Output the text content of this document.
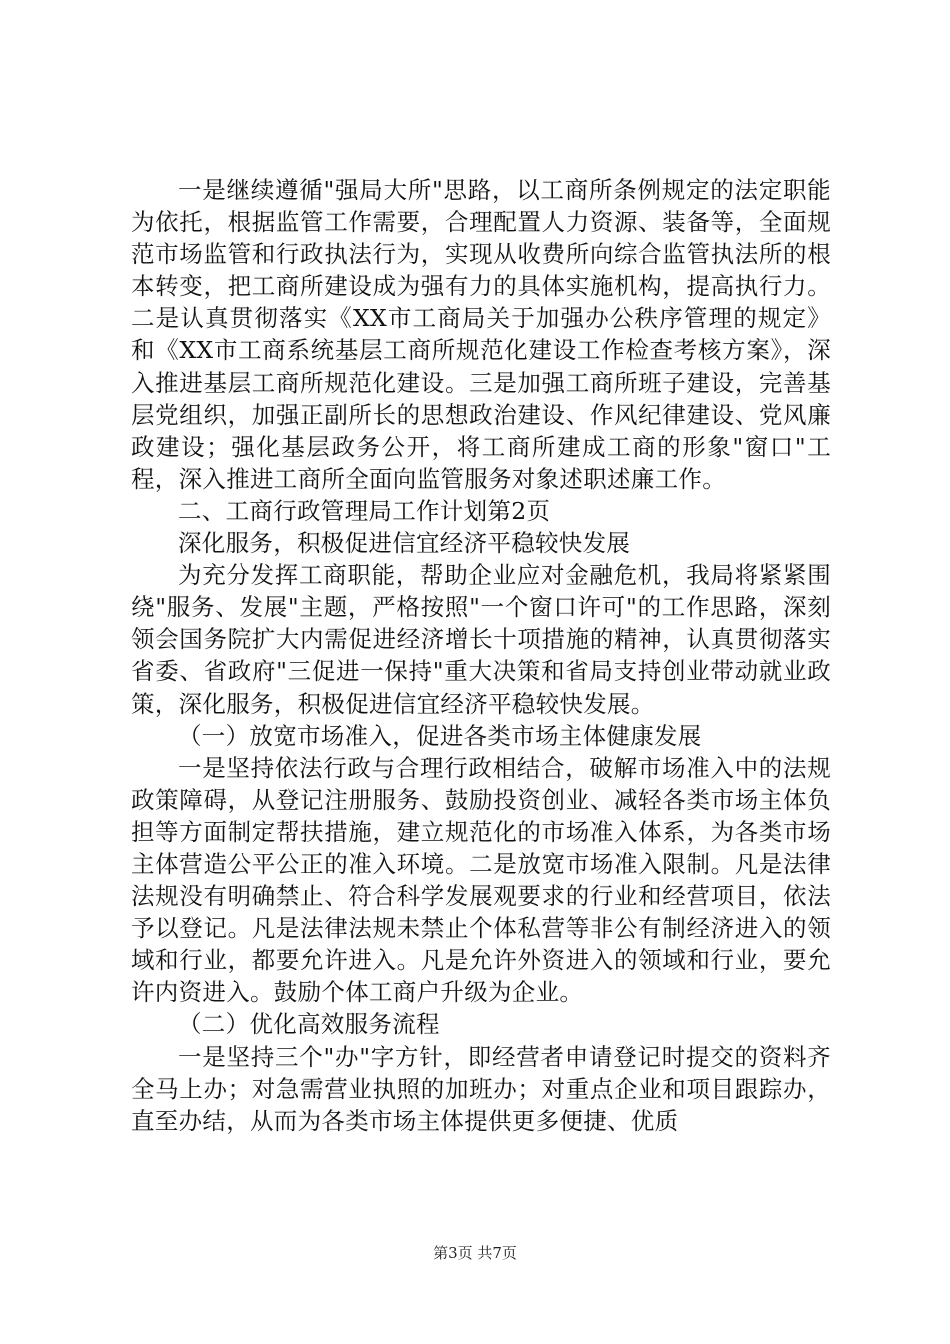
一是继续遵循"强局大所"思路，以工商所条例规定的法定职能为依托，根据监管工作需要，合理配置人力资源、装备等，全面规范市场监管和行政执法行为，实现从收费所向综合监管执法所的根本转变，把工商所建设成为强有力的具体实施机构，提高执行力。二是认真贯彻落实《XX市工商局关于加强办公秩序管理的规定》和《XX市工商系统基层工商所规范化建设工作检查考核方案》，深入推进基层工商所规范化建设。三是加强工商所班子建设，完善基层党组织，加强正副所长的思想政治建设、作风纪律建设、党风廉政建设；强化基层政务公开，将工商所建成工商的形象"窗口"工程，深入推进工商所全面向监管服务对象述职述廉工作。

二、工商行政管理局工作计划第2页

深化服务，积极促进信宜经济平稳较快发展

为充分发挥工商职能，帮助企业应对金融危机，我局将紧紧围绕"服务、发展"主题，严格按照"一个窗口许可"的工作思路，深刻领会国务院扩大内需促进经济增长十项措施的精神，认真贯彻落实省委、省政府"三促进一保持"重大决策和省局支持创业带动就业政策，深化服务，积极促进信宜经济平稳较快发展。

（一）放宽市场准入，促进各类市场主体健康发展

一是坚持依法行政与合理行政相结合，破解市场准入中的法规政策障碍，从登记注册服务、鼓励投资创业、减轻各类市场主体负担等方面制定帮扶措施，建立规范化的市场准入体系，为各类市场主体营造公平公正的准入环境。二是放宽市场准入限制。凡是法律法规没有明确禁止、符合科学发展观要求的行业和经营项目，依法予以登记。凡是法律法规未禁止个体私营等非公有制经济进入的领域和行业，都要允许进入。凡是允许外资进入的领域和行业，要允许内资进入。鼓励个体工商户升级为企业。

（二）优化高效服务流程

一是坚持三个"办"字方针，即经营者申请登记时提交的资料齐全马上办；对急需营业执照的加班办；对重点企业和项目跟踪办，直至办结，从而为各类市场主体提供更多便捷、优质

第3页 共7页
